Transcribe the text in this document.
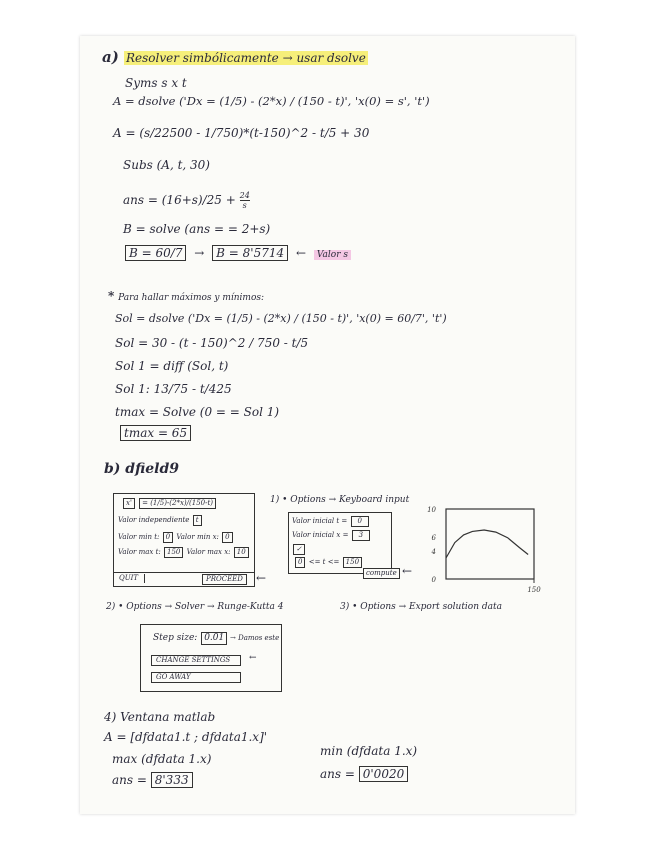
a) Resolver simbólicamente → usar dsolve
Syms s x t
A = dsolve ('Dx = (1/5) - (2*x) / (150 - t)', 'x(0) = s', 't')
A = (s/22500 - 1/750)*(t-150)^2 - t/5 + 30
Subs (A, t, 30)
ans = $(16+s)/25 + \frac{24}{s}$
B = solve (ans = = 2+s)
B = 60/7 → B = 8'5714 ← Valor s
* Para hallar máximos y mínimos:
Sol = dsolve ('Dx = (1/5) - (2*x) / (150 - t)', 'x(0) = 60/7', 't')
Sol = 30 - (t - 150)^2 / 750 - t/5
Sol 1 = diff (Sol, t)
Sol 1: 13/75 - t/425
tmax = Solve (0 = = Sol 1)
tmax = 65
b) dfield9
x' = (1/5)-(2*x)/(150-t)
Valor independiente t
Valor min t: 0 Valor min x: 0
Valor max t: 150 Valor max x: 10
QUIT	PROCEED	←
1) • Options → Keyboard input
Valor inicial t = 0
Valor inicial x = 3
✓
0 <= t <= 150
compute ←
10
6
4
0
150
2) • Options → Solver → Runge-Kutta 4	3) • Options → Export solution data
Step size: 0.01
CHANGE SETTINGS	←
GO AWAY
→ Damos este
4) Ventana matlab
A = [dfdata1.t ; dfdata1.x]'
max (dfdata 1.x)
ans = 8'333
min (dfdata 1.x)
ans = 0'0020
